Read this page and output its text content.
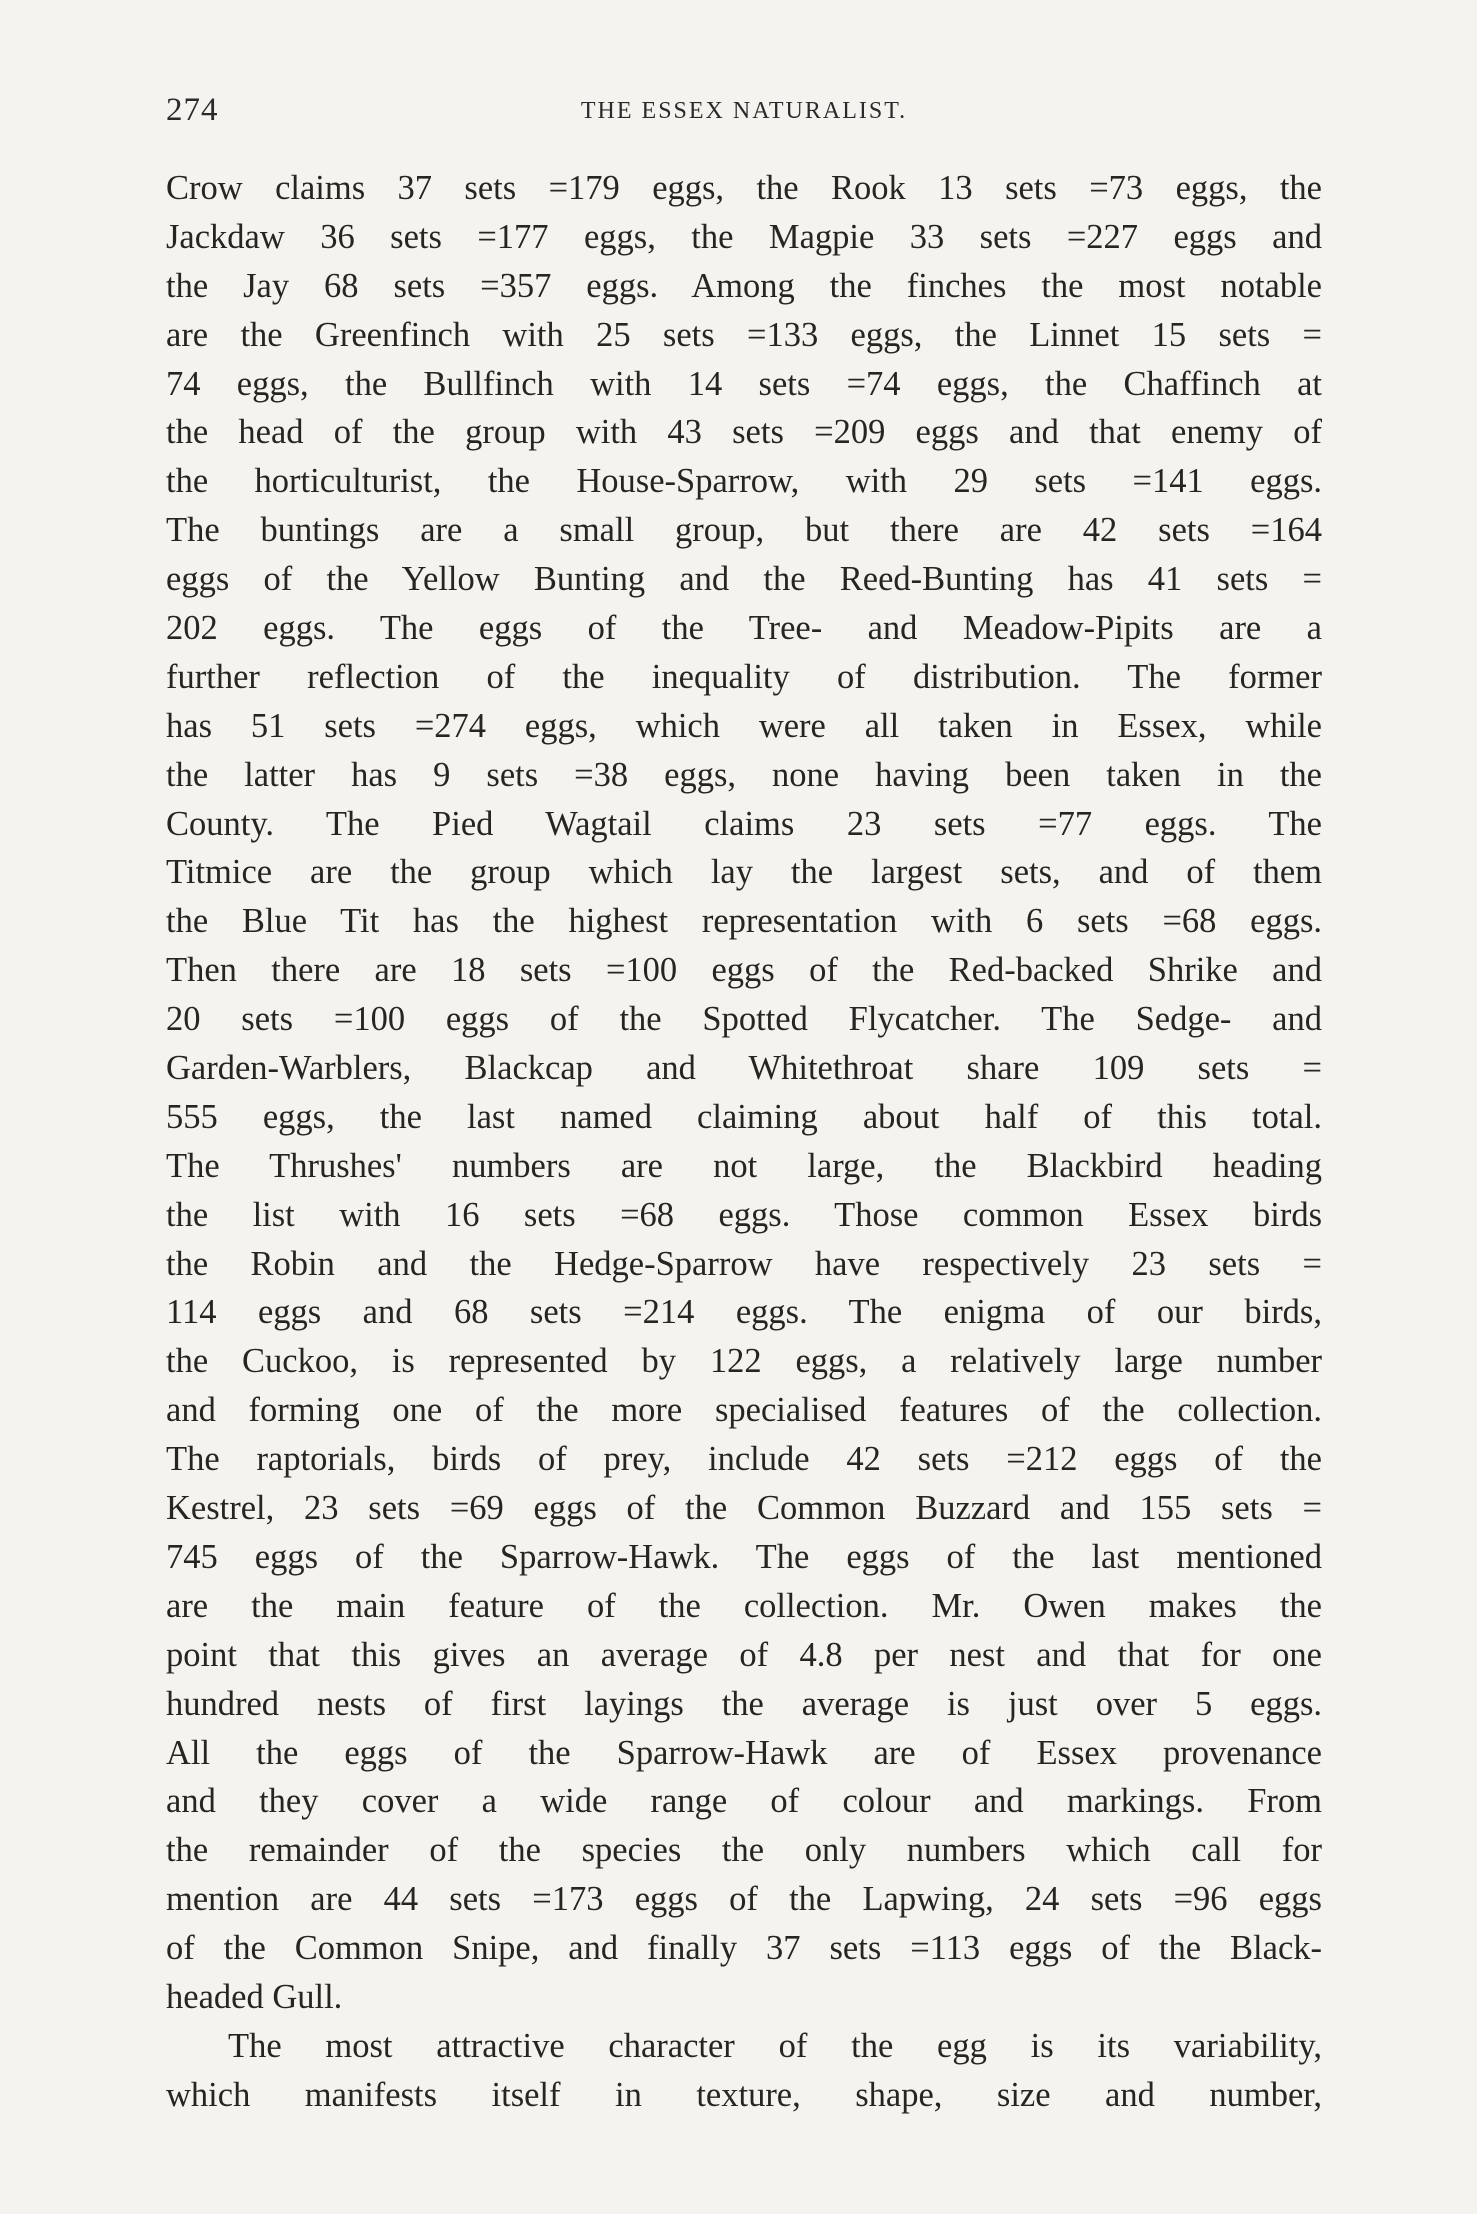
274	THE ESSEX NATURALIST.
Crow claims 37 sets =179 eggs, the Rook 13 sets =73 eggs, the
Jackdaw 36 sets =177 eggs, the Magpie 33 sets =227 eggs and
the Jay 68 sets =357 eggs. Among the finches the most notable
are the Greenfinch with 25 sets =133 eggs, the Linnet 15 sets =
74 eggs, the Bullfinch with 14 sets =74 eggs, the Chaffinch at
the head of the group with 43 sets =209 eggs and that enemy of
the horticulturist, the House-Sparrow, with 29 sets =141 eggs.
The buntings are a small group, but there are 42 sets =164
eggs of the Yellow Bunting and the Reed-Bunting has 41 sets =
202 eggs. The eggs of the Tree- and Meadow-Pipits are a
further reflection of the inequality of distribution. The former
has 51 sets =274 eggs, which were all taken in Essex, while
the latter has 9 sets =38 eggs, none having been taken in the
County. The Pied Wagtail claims 23 sets =77 eggs. The
Titmice are the group which lay the largest sets, and of them
the Blue Tit has the highest representation with 6 sets =68 eggs.
Then there are 18 sets =100 eggs of the Red-backed Shrike and
20 sets =100 eggs of the Spotted Flycatcher. The Sedge- and
Garden-Warblers, Blackcap and Whitethroat share 109 sets =
555 eggs, the last named claiming about half of this total.
The Thrushes' numbers are not large, the Blackbird heading
the list with 16 sets =68 eggs. Those common Essex birds
the Robin and the Hedge-Sparrow have respectively 23 sets =
114 eggs and 68 sets =214 eggs. The enigma of our birds,
the Cuckoo, is represented by 122 eggs, a relatively large number
and forming one of the more specialised features of the collection.
The raptorials, birds of prey, include 42 sets =212 eggs of the
Kestrel, 23 sets =69 eggs of the Common Buzzard and 155 sets =
745 eggs of the Sparrow-Hawk. The eggs of the last mentioned
are the main feature of the collection. Mr. Owen makes the
point that this gives an average of 4.8 per nest and that for one
hundred nests of first layings the average is just over 5 eggs.
All the eggs of the Sparrow-Hawk are of Essex provenance
and they cover a wide range of colour and markings. From
the remainder of the species the only numbers which call for
mention are 44 sets =173 eggs of the Lapwing, 24 sets =96 eggs
of the Common Snipe, and finally 37 sets =113 eggs of the Black-
headed Gull.
The most attractive character of the egg is its variability,
which manifests itself in texture, shape, size and number,
